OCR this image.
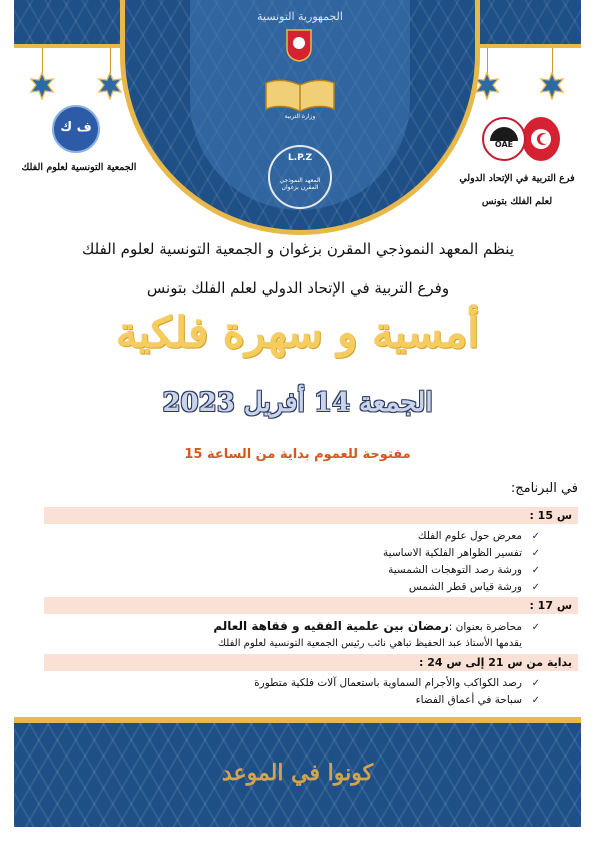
الجمهورية التونسية
وزارة التربية
L.P.Z
المعهد النموذجي المقرن بزغوان
ف ك
الجمعية التونسية لعلوم الفلك
OAE
فرع التربية في الإتحاد الدولي
لعلم الفلك بتونس
ينظم المعهد النموذجي المقرن بزغوان و الجمعية التونسية لعلوم الفلك
وفرع التربية في الإتحاد الدولي لعلم الفلك بتونس
أمسية و سهرة فلكية
الجمعة 14 أفريل 2023
مفتوحة للعموم بداية من الساعة 15
في البرنامج:
س 15 :
✓معرض حول علوم الفلك
✓تفسير الظواهر الفلكية الاساسية
✓ورشة رصد التوهجات الشمسية
✓ورشة قياس قطر الشمس
س 17 :
✓محاضرة بعنوان :رمضان بين علمية الفقيه و فقاهة العالم
يقدمها الأستاذ عبد الحفيظ تباهي نائب رئيس الجمعية التونسية لعلوم الفلك
بداية من س 21 إلى س 24 :
✓رصد الكواكب والأجرام السماوية باستعمال آلات فلكية متطورة
✓سباحة في أعماق الفضاء
كونوا في الموعد
